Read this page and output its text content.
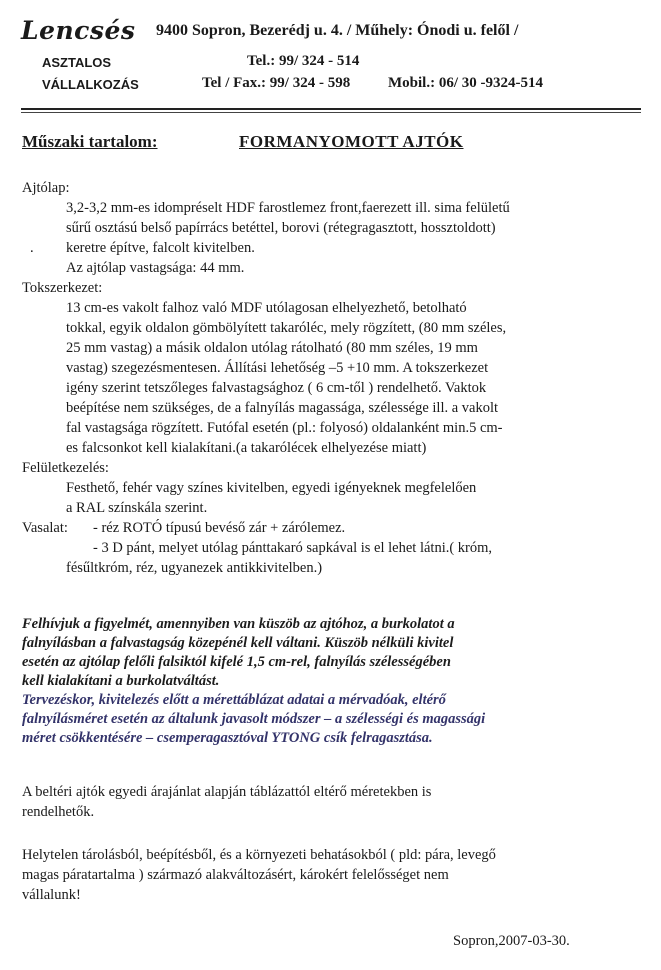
Lencsés 9400 Sopron, Bezerédj u. 4. / Műhely: Ónodi u. felől /
ASZTALOS	Tel.: 99/ 324 - 514
VÁLLALKOZÁS	Tel / Fax.: 99/ 324 - 598	Mobil.: 06/ 30 -9324-514
Műszaki tartalom:	FORMANYOMOTT AJTÓK
Ajtólap:
3,2-3,2 mm-es idompréselt HDF farostlemez front,faerezett ill. sima felületű
sűrű osztású belső papírrács betéttel, borovi (rétegragasztott, hossztoldott)
.	keretre építve, falcolt kivitelben.
Az ajtólap vastagsága: 44 mm.
Tokszerkezet:
13 cm-es vakolt falhoz való MDF utólagosan elhelyezhető, betolható
tokkal, egyik oldalon gömbölyített takaróléc, mely rögzített, (80 mm széles,
25 mm vastag) a másik oldalon utólag rátolható (80 mm széles, 19 mm
vastag) szegezésmentesen. Állítási lehetőség –5 +10 mm. A tokszerkezet
igény szerint tetszőleges falvastagsághoz ( 6 cm-től ) rendelhető. Vaktok
beépítése nem szükséges, de a falnyílás magassága, szélessége ill. a vakolt
fal vastagsága rögzített. Futófal esetén (pl.: folyosó) oldalanként min.5 cm-
es falcsonkot kell kialakítani.(a takarólécek elhelyezése miatt)
Felületkezelés:
Festhető, fehér vagy színes kivitelben, egyedi igényeknek megfelelően
a RAL színskála szerint.
Vasalat:	- réz ROTÓ típusú bevéső zár + zárólemez.
- 3 D pánt, melyet utólag pánttakaró sapkával is el lehet látni.( króm,
fésűltkróm, réz, ugyanezek antikkivitelben.)
Felhívjuk a figyelmét, amennyiben van küszöb az ajtóhoz, a burkolatot a
falnyílásban a falvastagság közepénél kell váltani. Küszöb nélküli kivitel
esetén az ajtólap felőli falsiktól kifelé 1,5 cm-rel, falnyílás szélességében
kell kialakítani a burkolatváltást.
Tervezéskor, kivitelezés előtt a mérettáblázat adatai a mérvadóak, eltérő
falnyílásméret esetén az általunk javasolt módszer – a szélességi és magassági
méret csökkentésére – csemperagasztóval YTONG csík felragasztása.
A beltéri ajtók egyedi árajánlat alapján táblázattól eltérő méretekben is
rendelhetők.
Helytelen tárolásból, beépítésből, és a környezeti behatásokból ( pld: pára, levegő
magas páratartalma ) származó alakváltozásért, károkért felelősséget nem
vállalunk!
Sopron,2007-03-30.
